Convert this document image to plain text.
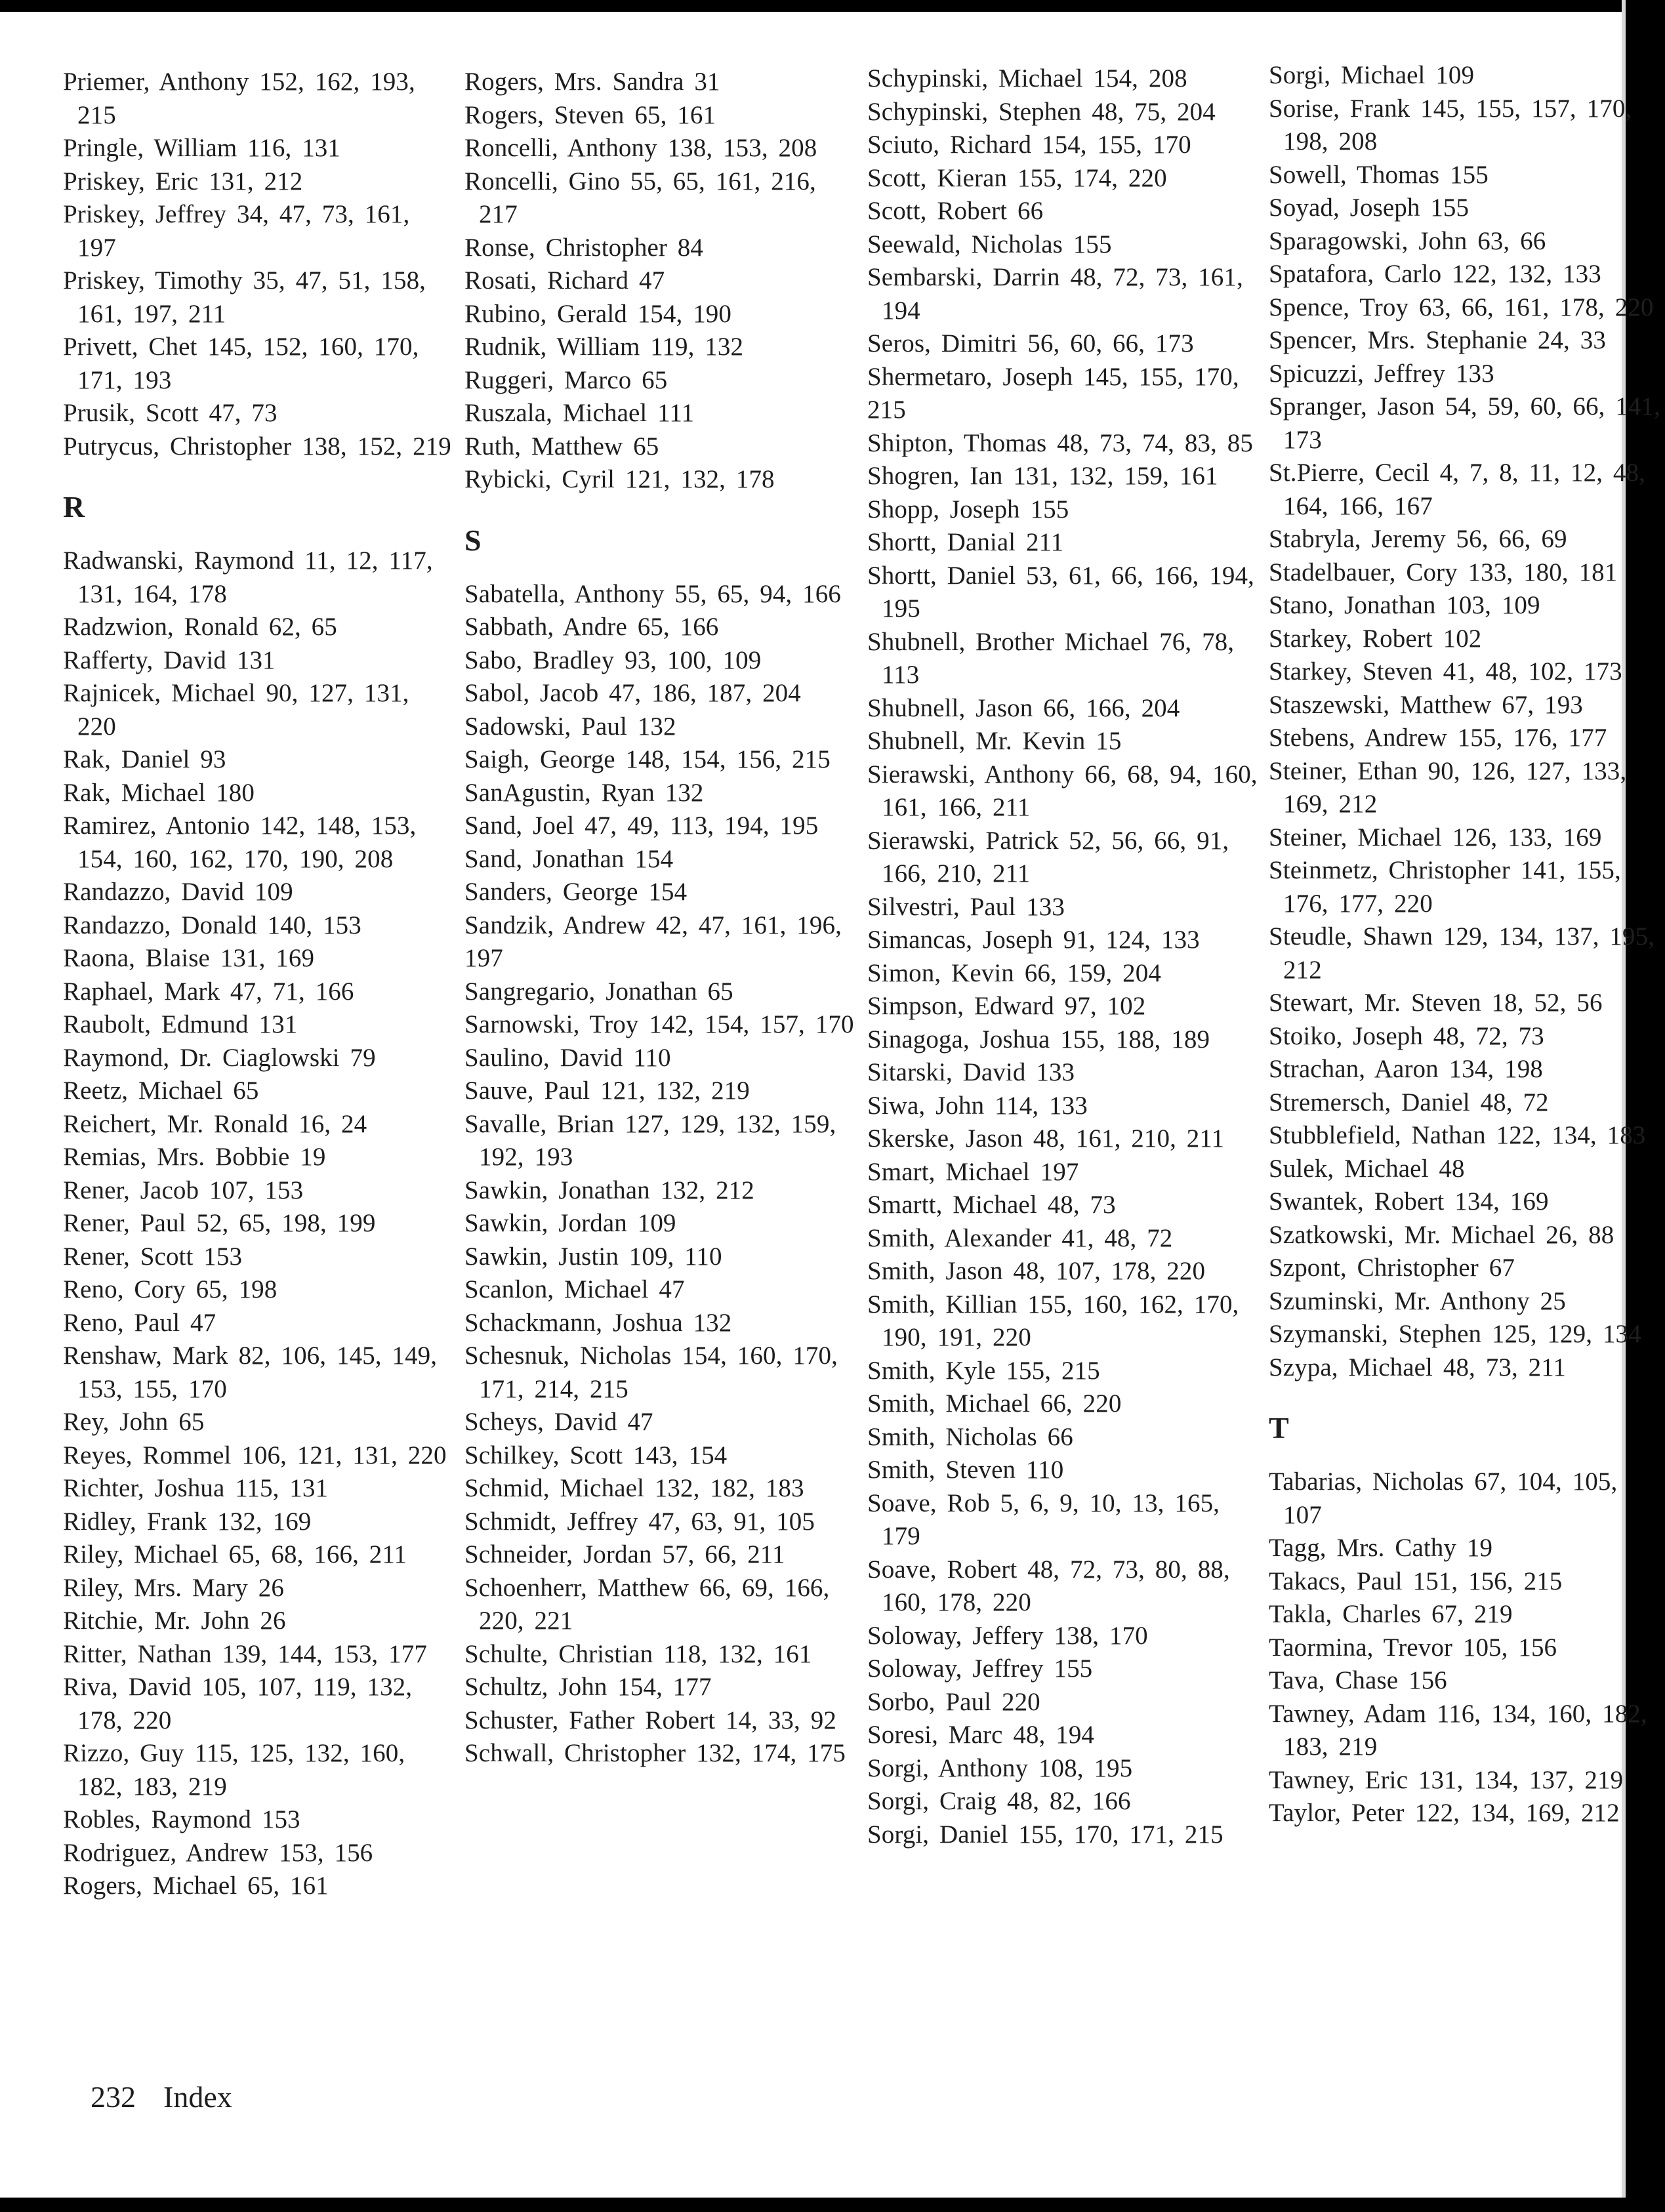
Priemer, Anthony 152, 162, 193, 215
Pringle, William 116, 131
Priskey, Eric 131, 212
Priskey, Jeffrey 34, 47, 73, 161, 197
Priskey, Timothy 35, 47, 51, 158, 161, 197, 211
Privett, Chet 145, 152, 160, 170, 171, 193
Prusik, Scott 47, 73
Putrycus, Christopher 138, 152, 219
R
Radwanski, Raymond 11, 12, 117, 131, 164, 178
Radzwion, Ronald 62, 65
Rafferty, David 131
Rajnicek, Michael 90, 127, 131, 220
Rak, Daniel 93
Rak, Michael 180
Ramirez, Antonio 142, 148, 153, 154, 160, 162, 170, 190, 208
Randazzo, David 109
Randazzo, Donald 140, 153
Raona, Blaise 131, 169
Raphael, Mark 47, 71, 166
Raubolt, Edmund 131
Raymond, Dr. Ciaglowski 79
Reetz, Michael 65
Reichert, Mr. Ronald 16, 24
Remias, Mrs. Bobbie 19
Rener, Jacob 107, 153
Rener, Paul 52, 65, 198, 199
Rener, Scott 153
Reno, Cory 65, 198
Reno, Paul 47
Renshaw, Mark 82, 106, 145, 149, 153, 155, 170
Rey, John 65
Reyes, Rommel 106, 121, 131, 220
Richter, Joshua 115, 131
Ridley, Frank 132, 169
Riley, Michael 65, 68, 166, 211
Riley, Mrs. Mary 26
Ritchie, Mr. John 26
Ritter, Nathan 139, 144, 153, 177
Riva, David 105, 107, 119, 132, 178, 220
Rizzo, Guy 115, 125, 132, 160, 182, 183, 219
Robles, Raymond 153
Rodriguez, Andrew 153, 156
Rogers, Michael 65, 161
Rogers, Mrs. Sandra 31
Rogers, Steven 65, 161
Roncelli, Anthony 138, 153, 208
Roncelli, Gino 55, 65, 161, 216, 217
Ronse, Christopher 84
Rosati, Richard 47
Rubino, Gerald 154, 190
Rudnik, William 119, 132
Ruggeri, Marco 65
Ruszala, Michael 111
Ruth, Matthew 65
Rybicki, Cyril 121, 132, 178
S
Sabatella, Anthony 55, 65, 94, 166
Sabbath, Andre 65, 166
Sabo, Bradley 93, 100, 109
Sabol, Jacob 47, 186, 187, 204
Sadowski, Paul 132
Saigh, George 148, 154, 156, 215
SanAgustin, Ryan 132
Sand, Joel 47, 49, 113, 194, 195
Sand, Jonathan 154
Sanders, George 154
Sandzik, Andrew 42, 47, 161, 196,
197
Sangregario, Jonathan 65
Sarnowski, Troy 142, 154, 157, 170
Saulino, David 110
Sauve, Paul 121, 132, 219
Savalle, Brian 127, 129, 132, 159, 192, 193
Sawkin, Jonathan 132, 212
Sawkin, Jordan 109
Sawkin, Justin 109, 110
Scanlon, Michael 47
Schackmann, Joshua 132
Schesnuk, Nicholas 154, 160, 170, 171, 214, 215
Scheys, David 47
Schilkey, Scott 143, 154
Schmid, Michael 132, 182, 183
Schmidt, Jeffrey 47, 63, 91, 105
Schneider, Jordan 57, 66, 211
Schoenherr, Matthew 66, 69, 166, 220, 221
Schulte, Christian 118, 132, 161
Schultz, John 154, 177
Schuster, Father Robert 14, 33, 92
Schwall, Christopher 132, 174, 175
Schypinski, Michael 154, 208
Schypinski, Stephen 48, 75, 204
Sciuto, Richard 154, 155, 170
Scott, Kieran 155, 174, 220
Scott, Robert 66
Seewald, Nicholas 155
Sembarski, Darrin 48, 72, 73, 161, 194
Seros, Dimitri 56, 60, 66, 173
Shermetaro, Joseph 145, 155, 170,
215
Shipton, Thomas 48, 73, 74, 83, 85
Shogren, Ian 131, 132, 159, 161
Shopp, Joseph 155
Shortt, Danial 211
Shortt, Daniel 53, 61, 66, 166, 194, 195
Shubnell, Brother Michael 76, 78, 113
Shubnell, Jason 66, 166, 204
Shubnell, Mr. Kevin 15
Sierawski, Anthony 66, 68, 94, 160, 161, 166, 211
Sierawski, Patrick 52, 56, 66, 91, 166, 210, 211
Silvestri, Paul 133
Simancas, Joseph 91, 124, 133
Simon, Kevin 66, 159, 204
Simpson, Edward 97, 102
Sinagoga, Joshua 155, 188, 189
Sitarski, David 133
Siwa, John 114, 133
Skerske, Jason 48, 161, 210, 211
Smart, Michael 197
Smartt, Michael 48, 73
Smith, Alexander 41, 48, 72
Smith, Jason 48, 107, 178, 220
Smith, Killian 155, 160, 162, 170, 190, 191, 220
Smith, Kyle 155, 215
Smith, Michael 66, 220
Smith, Nicholas 66
Smith, Steven 110
Soave, Rob 5, 6, 9, 10, 13, 165, 179
Soave, Robert 48, 72, 73, 80, 88, 160, 178, 220
Soloway, Jeffery 138, 170
Soloway, Jeffrey 155
Sorbo, Paul 220
Soresi, Marc 48, 194
Sorgi, Anthony 108, 195
Sorgi, Craig 48, 82, 166
Sorgi, Daniel 155, 170, 171, 215
Sorgi, Michael 109
Sorise, Frank 145, 155, 157, 170, 198, 208
Sowell, Thomas 155
Soyad, Joseph 155
Sparagowski, John 63, 66
Spatafora, Carlo 122, 132, 133
Spence, Troy 63, 66, 161, 178, 220
Spencer, Mrs. Stephanie 24, 33
Spicuzzi, Jeffrey 133
Spranger, Jason 54, 59, 60, 66, 141, 173
St.Pierre, Cecil 4, 7, 8, 11, 12, 48, 164, 166, 167
Stabryla, Jeremy 56, 66, 69
Stadelbauer, Cory 133, 180, 181
Stano, Jonathan 103, 109
Starkey, Robert 102
Starkey, Steven 41, 48, 102, 173
Staszewski, Matthew 67, 193
Stebens, Andrew 155, 176, 177
Steiner, Ethan 90, 126, 127, 133, 169, 212
Steiner, Michael 126, 133, 169
Steinmetz, Christopher 141, 155, 176, 177, 220
Steudle, Shawn 129, 134, 137, 195, 212
Stewart, Mr. Steven 18, 52, 56
Stoiko, Joseph 48, 72, 73
Strachan, Aaron 134, 198
Stremersch, Daniel 48, 72
Stubblefield, Nathan 122, 134, 183
Sulek, Michael 48
Swantek, Robert 134, 169
Szatkowski, Mr. Michael 26, 88
Szpont, Christopher 67
Szuminski, Mr. Anthony 25
Szymanski, Stephen 125, 129, 134
Szypa, Michael 48, 73, 211
T
Tabarias, Nicholas 67, 104, 105, 107
Tagg, Mrs. Cathy 19
Takacs, Paul 151, 156, 215
Takla, Charles 67, 219
Taormina, Trevor 105, 156
Tava, Chase 156
Tawney, Adam 116, 134, 160, 182, 183, 219
Tawney, Eric 131, 134, 137, 219
Taylor, Peter 122, 134, 169, 212
232 Index
